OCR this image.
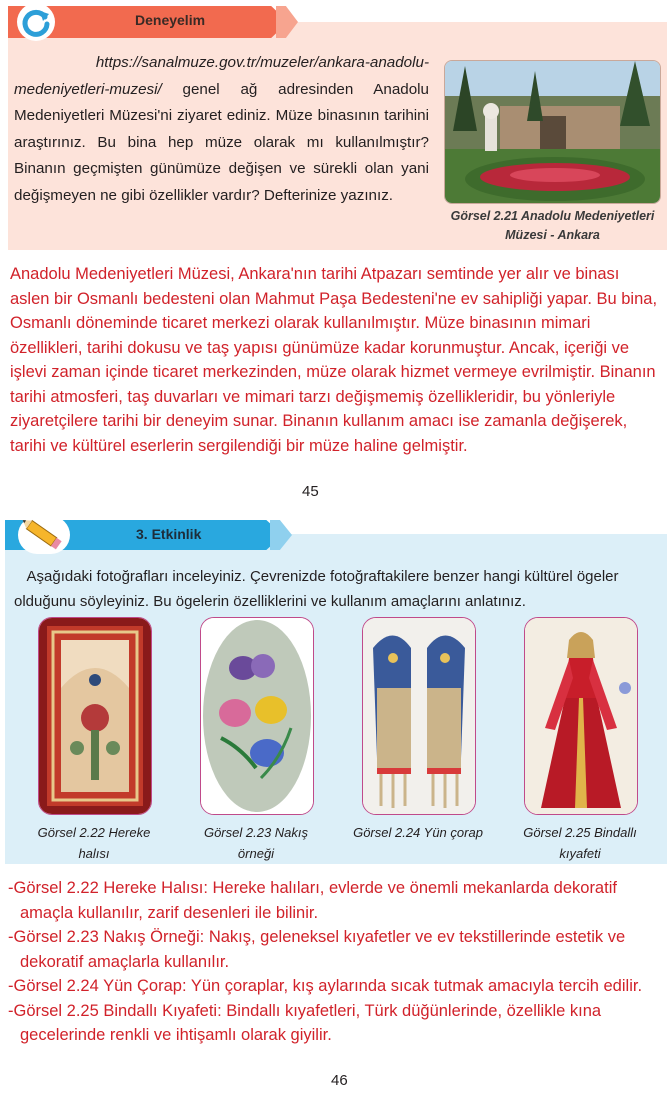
Deneyelim
https://sanalmuze.gov.tr/muzeler/ankara-anadolu-medeniyetleri-muzesi/ genel ağ adresinden Anadolu Medeniyetleri Müzesi'ni ziyaret ediniz. Müze binasının tarihini araştırınız. Bu bina hep müze olarak mı kullanılmıştır? Binanın geçmişten günümüze değişen ve sürekli olan yani değişmeyen ne gibi özellikler vardır? Defterinize yazınız.
Görsel 2.21 Anadolu Medeniyetleri Müzesi - Ankara
Anadolu Medeniyetleri Müzesi, Ankara'nın tarihi Atpazarı semtinde yer alır ve binası aslen bir Osmanlı bedesteni olan Mahmut Paşa Bedesteni'ne ev sahipliği yapar. Bu bina, Osmanlı döneminde ticaret merkezi olarak kullanılmıştır. Müze binasının mimari özellikleri, tarihi dokusu ve taş yapısı günümüze kadar korunmuştur. Ancak, içeriği ve işlevi zaman içinde ticaret merkezinden, müze olarak hizmet vermeye evrilmiştir. Binanın tarihi atmosferi, taş duvarları ve mimari tarzı değişmemiş özellikleridir, bu yönleriyle ziyaretçilere tarihi bir deneyim sunar. Binanın kullanım amacı ise zamanla değişerek, tarihi ve kültürel eserlerin sergilendiği bir müze haline gelmiştir.
45
3. Etkinlik
Aşağıdaki fotoğrafları inceleyiniz. Çevrenizde fotoğraftakilere benzer hangi kültürel ögeler olduğunu söyleyiniz. Bu ögelerin özelliklerini ve kullanım amaçlarını anlatınız.
Görsel 2.22 Hereke halısı
Görsel 2.23 Nakış örneği
Görsel 2.24 Yün çorap	Görsel 2.25 Bindallı kıyafeti
-Görsel 2.22 Hereke Halısı: Hereke halıları, evlerde ve önemli mekanlarda dekoratif amaçla kullanılır, zarif desenleri ile bilinir.
-Görsel 2.23 Nakış Örneği: Nakış, geleneksel kıyafetler ve ev tekstillerinde estetik ve dekoratif amaçlarla kullanılır.
-Görsel 2.24 Yün Çorap: Yün çoraplar, kış aylarında sıcak tutmak amacıyla tercih edilir.
-Görsel 2.25 Bindallı Kıyafeti: Bindallı kıyafetleri, Türk düğünlerinde, özellikle kına gecelerinde renkli ve ihtişamlı olarak giyilir.
46
